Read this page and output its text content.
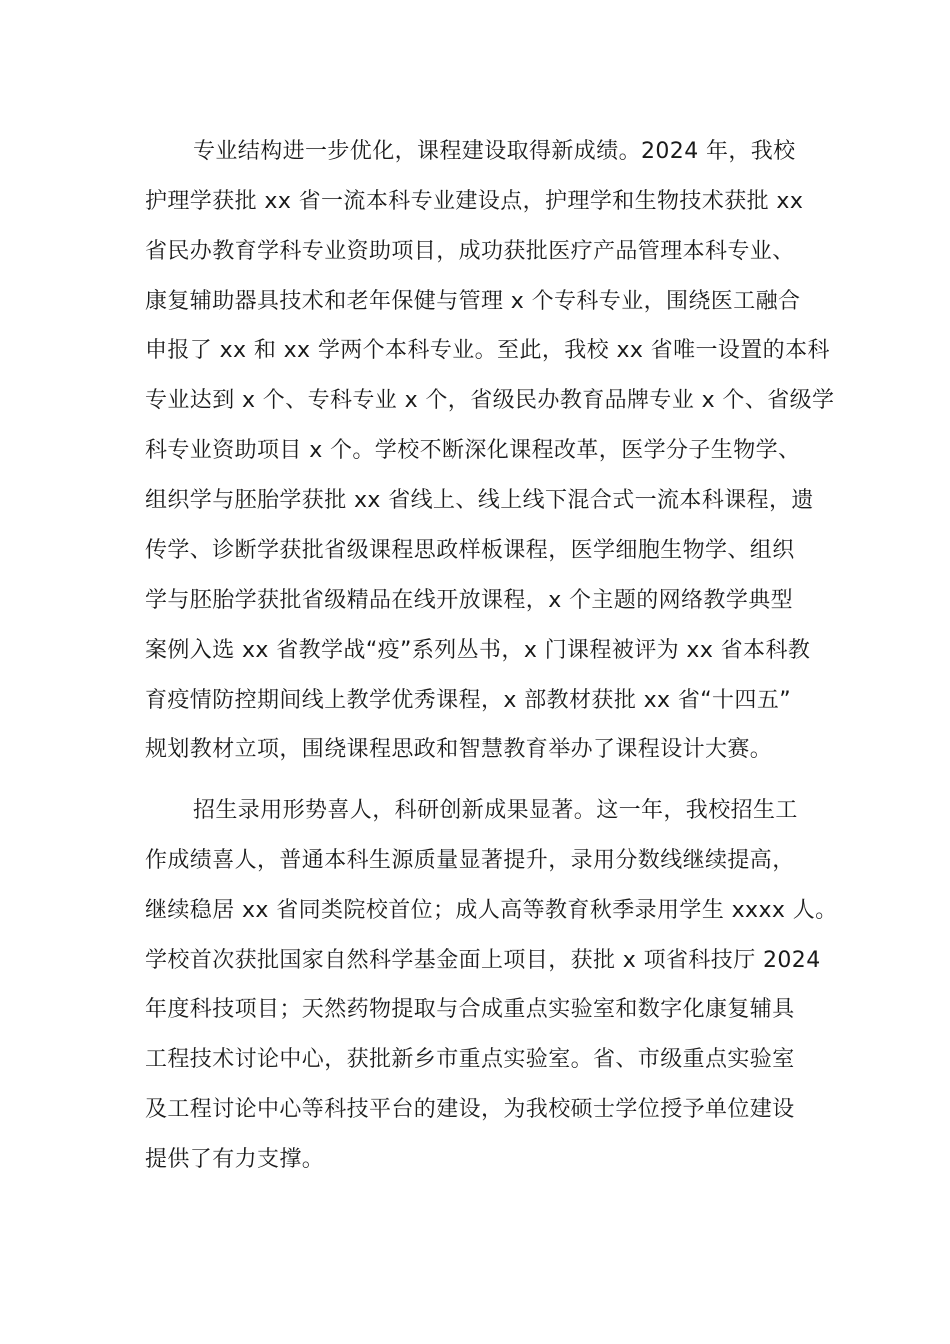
专业结构进一步优化，课程建设取得新成绩。2024 年，我校
护理学获批 xx 省一流本科专业建设点，护理学和生物技术获批 xx
省民办教育学科专业资助项目，成功获批医疗产品管理本科专业、
康复辅助器具技术和老年保健与管理 x 个专科专业，围绕医工融合
申报了 xx 和 xx 学两个本科专业。至此，我校 xx 省唯一设置的本科
专业达到 x 个、专科专业 x 个，省级民办教育品牌专业 x 个、省级学
科专业资助项目 x 个。学校不断深化课程改革，医学分子生物学、
组织学与胚胎学获批 xx 省线上、线上线下混合式一流本科课程，遗
传学、诊断学获批省级课程思政样板课程，医学细胞生物学、组织
学与胚胎学获批省级精品在线开放课程，x 个主题的网络教学典型
案例入选 xx 省教学战“疫”系列丛书，x 门课程被评为 xx 省本科教
育疫情防控期间线上教学优秀课程，x 部教材获批 xx 省“十四五”
规划教材立项，围绕课程思政和智慧教育举办了课程设计大赛。
招生录用形势喜人，科研创新成果显著。这一年，我校招生工
作成绩喜人，普通本科生源质量显著提升，录用分数线继续提高，
继续稳居 xx 省同类院校首位；成人高等教育秋季录用学生 xxxx 人。
学校首次获批国家自然科学基金面上项目，获批 x 项省科技厅 2024
年度科技项目；天然药物提取与合成重点实验室和数字化康复辅具
工程技术讨论中心，获批新乡市重点实验室。省、市级重点实验室
及工程讨论中心等科技平台的建设，为我校硕士学位授予单位建设
提供了有力支撑。
